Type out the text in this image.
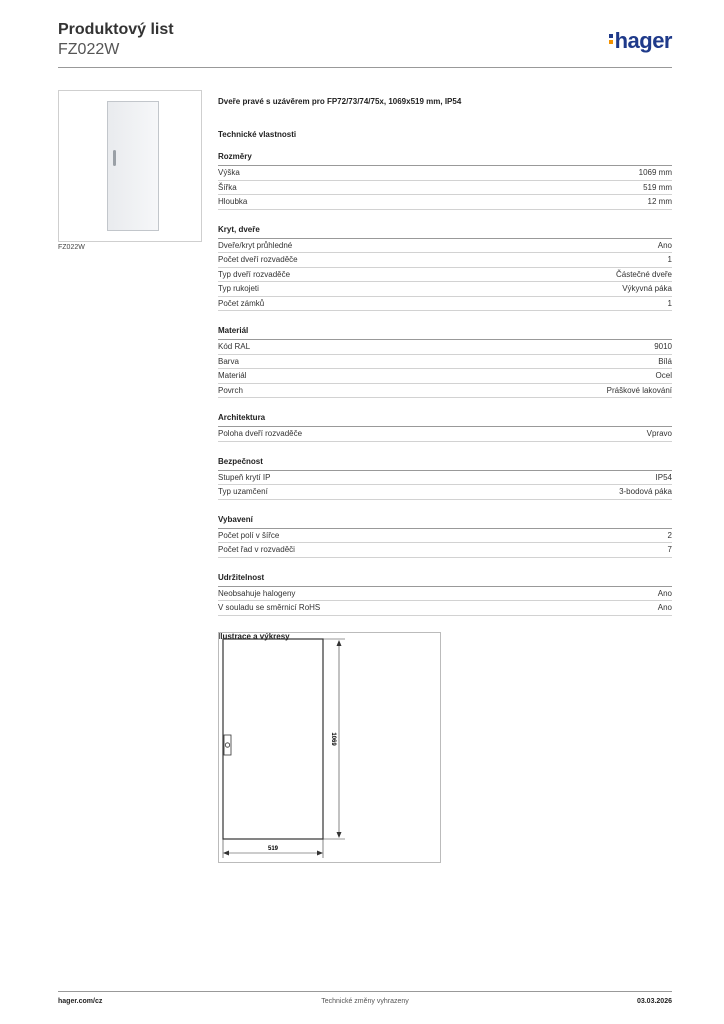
Produktový list
FZ022W	hager
FZ022W
Dveře pravé s uzávěrem pro FP72/73/74/75x, 1069x519 mm, IP54
Technické vlastnosti
Rozměry
Výška	1069 mm
Šířka	519 mm
Hloubka	12 mm
Kryt, dveře
Dveře/kryt průhledné	Ano
Počet dveří rozvaděče	1
Typ dveří rozvaděče	Částečné dveře
Typ rukojeti	Výkyvná páka
Počet zámků	1
Materiál
Kód RAL	9010
Barva	Bílá
Materiál	Ocel
Povrch	Práškové lakování
Architektura
Poloha dveří rozvaděče	Vpravo
Bezpečnost
Stupeň krytí IP	IP54
Typ uzamčení	3-bodová páka
Vybavení
Počet polí v šířce	2
Počet řad v rozvaděči	7
Udržitelnost
Neobsahuje halogeny	Ano
V souladu se směrnicí RoHS	Ano
Ilustrace a výkresy
1069
519
hager.com/cz	Technické změny vyhrazeny	03.03.2026
